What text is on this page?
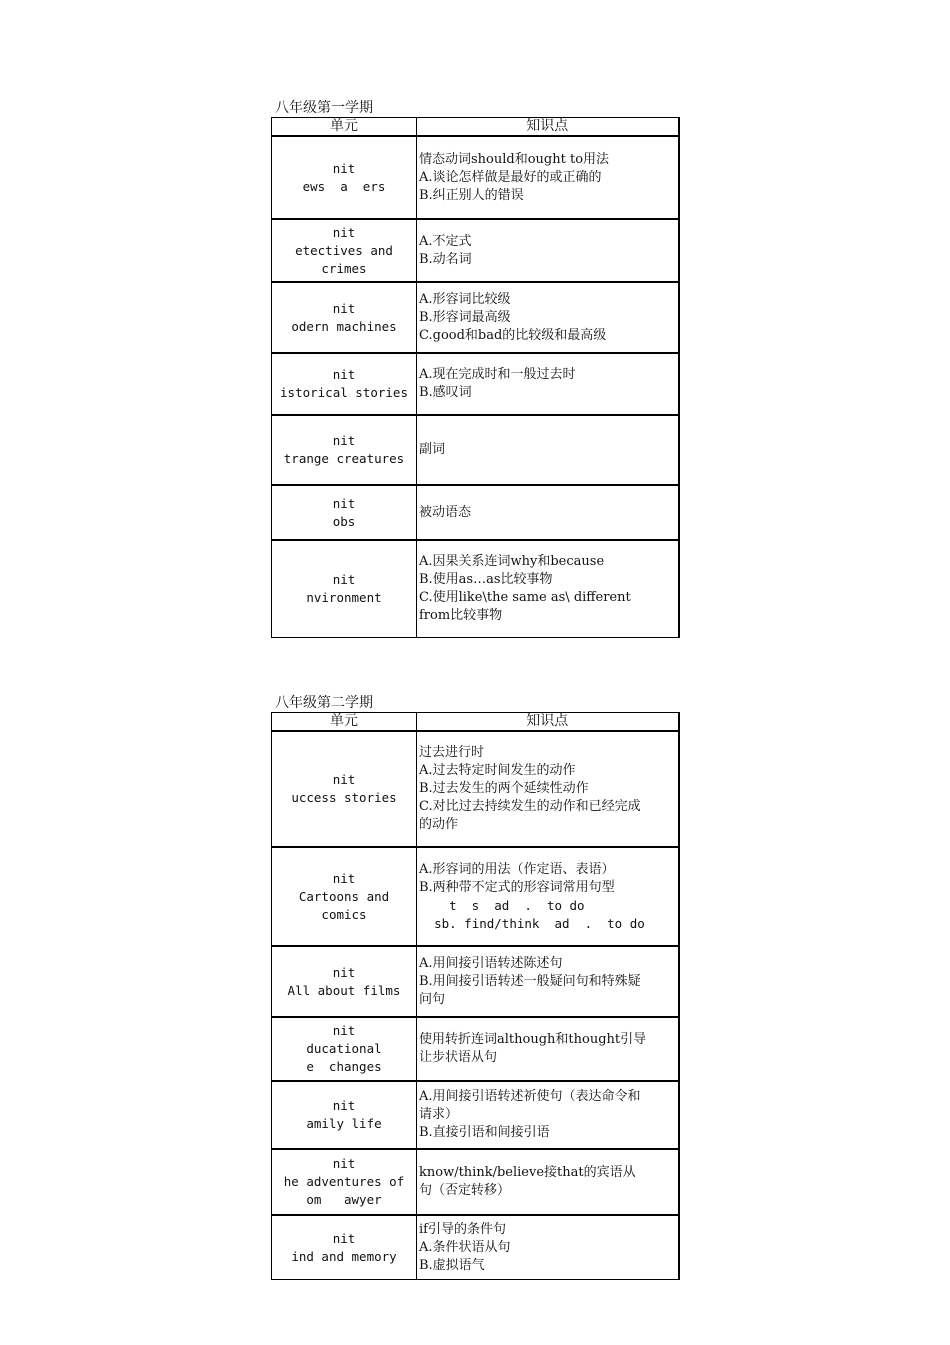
八年级第一学期
单元	知识点

nit
ews  a  ers	情态动词should和ought to用法
A.谈论怎样做是最好的或正确的
B.纠正别人的错误

nit
etectives and
crimes	A.不定式
B.动名词

nit
odern machines	A.形容词比较级
B.形容词最高级
C.good和bad的比较级和最高级

nit
istorical stories	A.现在完成时和一般过去时
B.感叹词

nit
trange creatures	副词

nit
obs	被动语态

nit
nvironment	A.因果关系连词why和because
B.使用as…as比较事物
C.使用like\the same as\ different
from比较事物
八年级第二学期
单元	知识点

nit
uccess stories	过去进行时
A.过去特定时间发生的动作
B.过去发生的两个延续性动作
C.对比过去持续发生的动作和已经完成
的动作

nit
Cartoons and
comics	A.形容词的用法（作定语、表语）
B.两种带不定式的形容词常用句型
t  s  ad  .  to do
sb. find/think  ad  .  to do

nit
All about films	A.用间接引语转述陈述句
B.用间接引语转述一般疑问句和特殊疑
问句

nit
ducational
e  changes	使用转折连词although和thought引导
让步状语从句

nit
amily life	A.用间接引语转述祈使句（表达命令和
请求）
B.直接引语和间接引语

nit
he adventures of
om   awyer	know/think/believe接that的宾语从
句（否定转移）

nit
ind and memory	if引导的条件句
A.条件状语从句
B.虚拟语气
